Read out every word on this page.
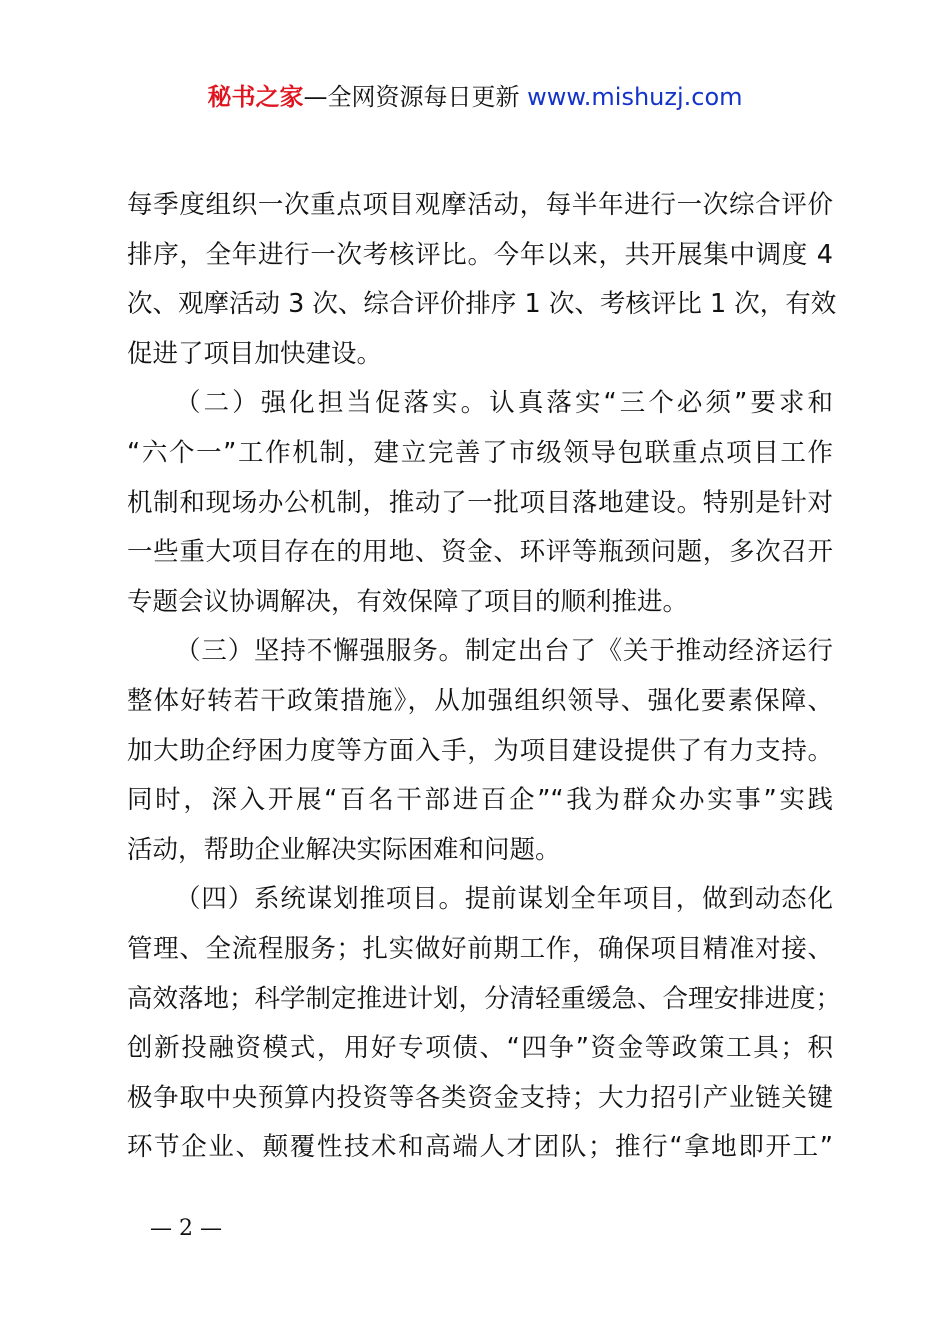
秘书之家—全网资源每日更新 www.mishuzj.com
每季度组织一次重点项目观摩活动，每半年进行一次综合评价
排序，全年进行一次考核评比。今年以来，共开展集中调度 4
次、观摩活动 3 次、综合评价排序 1 次、考核评比 1 次，有效
促进了项目加快建设。
（二）强化担当促落实。认真落实“三个必须”要求和
“六个一”工作机制，建立完善了市级领导包联重点项目工作
机制和现场办公机制，推动了一批项目落地建设。特别是针对
一些重大项目存在的用地、资金、环评等瓶颈问题，多次召开
专题会议协调解决，有效保障了项目的顺利推进。
（三）坚持不懈强服务。制定出台了《关于推动经济运行
整体好转若干政策措施》，从加强组织领导、强化要素保障、
加大助企纾困力度等方面入手，为项目建设提供了有力支持。
同时，深入开展“百名干部进百企”“我为群众办实事”实践
活动，帮助企业解决实际困难和问题。
（四）系统谋划推项目。提前谋划全年项目，做到动态化
管理、全流程服务；扎实做好前期工作，确保项目精准对接、
高效落地；科学制定推进计划，分清轻重缓急、合理安排进度；
创新投融资模式，用好专项债、“四争”资金等政策工具；积
极争取中央预算内投资等各类资金支持；大力招引产业链关键
环节企业、颠覆性技术和高端人才团队；推行“拿地即开工”
— 2 —
